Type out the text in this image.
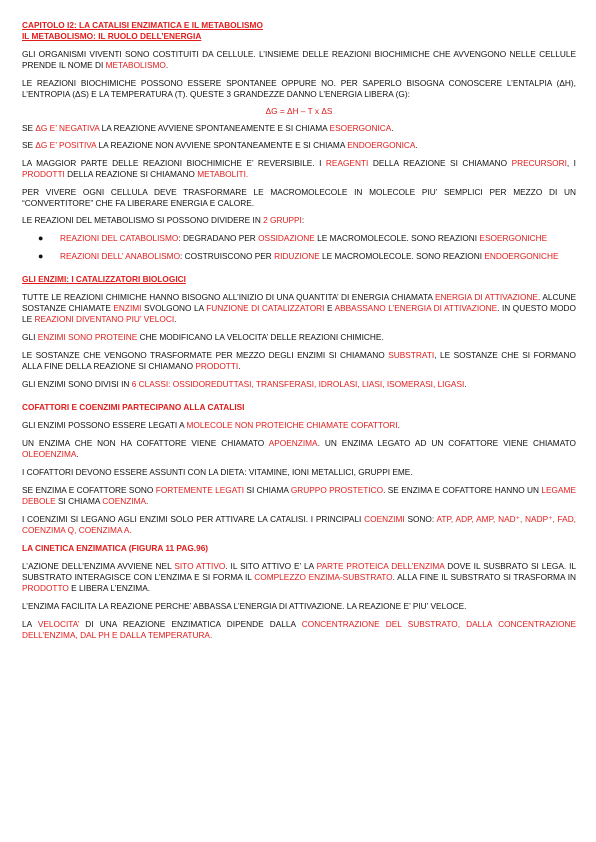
CAPITOLO I2: LA CATALISI ENZIMATICA E IL METABOLISMO

IL METABOLISMO: IL RUOLO DELL’ENERGIA

GLI ORGANISMI VIVENTI SONO COSTITUITI DA CELLULE. L’INSIEME DELLE REAZIONI BIOCHIMICHE CHE AVVENGONO NELLE CELLULE PRENDE IL NOME DI METABOLISMO.

LE REAZIONI BIOCHIMICHE POSSONO ESSERE SPONTANEE OPPURE NO. PER SAPERLO BISOGNA CONOSCERE L’ENTALPIA (ΔH), L’ENTROPIA (ΔS) E LA TEMPERATURA (T). QUESTE 3 GRANDEZZE DANNO L’ENERGIA LIBERA (G):

ΔG = ΔH – T x ΔS

SE ΔG E’ NEGATIVA LA REAZIONE AVVIENE SPONTANEAMENTE E SI CHIAMA ESOERGONICA.

SE ΔG E’ POSITIVA LA REAZIONE NON AVVIENE SPONTANEAMENTE E SI CHIAMA ENDOERGONICA.

LA MAGGIOR PARTE DELLE REAZIONI BIOCHIMICHE E’ REVERSIBILE. I REAGENTI DELLA REAZIONE SI CHIAMANO PRECURSORI, I PRODOTTI DELLA REAZIONE SI CHIAMANO METABOLITI.

PER VIVERE OGNI CELLULA DEVE TRASFORMARE LE MACROMOLECOLE IN MOLECOLE PIU’ SEMPLICI PER MEZZO DI UN “CONVERTITORE” CHE FA LIBERARE ENERGIA E CALORE.

LE REAZIONI DEL METABOLISMO SI POSSONO DIVIDERE IN 2 GRUPPI:

● REAZIONI DEL CATABOLISMO: DEGRADANO PER OSSIDAZIONE LE MACROMOLECOLE. SONO REAZIONI ESOERGONICHE

● REAZIONI DELL’ ANABOLISMO: COSTRUISCONO PER RIDUZIONE LE MACROMOLECOLE. SONO REAZIONI ENDOERGONICHE

GLI ENZIMI: I CATALIZZATORI BIOLOGICI

TUTTE LE REAZIONI CHIMICHE HANNO BISOGNO ALL’INIZIO DI UNA QUANTITA’ DI ENERGIA CHIAMATA ENERGIA DI ATTIVAZIONE. ALCUNE SOSTANZE CHIAMATE ENZIMI SVOLGONO LA FUNZIONE DI CATALIZZATORI E ABBASSANO L’ENERGIA DI ATTIVAZIONE. IN QUESTO MODO LE REAZIONI DIVENTANO PIU’ VELOCI.

GLI ENZIMI SONO PROTEINE CHE MODIFICANO LA VELOCITA’ DELLE REAZIONI CHIMICHE.

LE SOSTANZE CHE VENGONO TRASFORMATE PER MEZZO DEGLI ENZIMI SI CHIAMANO SUBSTRATI, LE SOSTANZE CHE SI FORMANO ALLA FINE DELLA REAZIONE SI CHIAMANO PRODOTTI.

GLI ENZIMI SONO DIVISI IN 6 CLASSI: OSSIDOREDUTTASI, TRANSFERASI, IDROLASI, LIASI, ISOMERASI, LIGASI.

COFATTORI E COENZIMI PARTECIPANO ALLA CATALISI

GLI ENZIMI POSSONO ESSERE LEGATI A MOLECOLE NON PROTEICHE CHIAMATE COFATTORI.

UN ENZIMA CHE NON HA COFATTORE VIENE CHIAMATO APOENZIMA. UN ENZIMA LEGATO AD UN COFATTORE VIENE CHIAMATO OLEOENZIMA.

I COFATTORI DEVONO ESSERE ASSUNTI CON LA DIETA: VITAMINE, IONI METALLICI, GRUPPI EME.

SE ENZIMA E COFATTORE SONO FORTEMENTE LEGATI SI CHIAMA GRUPPO PROSTETICO. SE ENZIMA E COFATTORE HANNO UN LEGAME DEBOLE SI CHIAMA COENZIMA.

I COENZIMI SI LEGANO AGLI ENZIMI SOLO PER ATTIVARE LA CATALISI. I PRINCIPALI COENZIMI SONO: ATP, ADP, AMP, NAD⁺, NADP⁺, FAD, COENZIMA Q, COENZIMA A.

LA CINETICA ENZIMATICA (FIGURA 11 PAG.96)

L’AZIONE DELL’ENZIMA AVVIENE NEL SITO ATTIVO. IL SITO ATTIVO E’ LA PARTE PROTEICA DELL’ENZIMA DOVE IL SUSBRATO SI LEGA. IL SUBSTRATO INTERAGISCE CON L’ENZIMA E SI FORMA IL COMPLEZZO ENZIMA-SUBSTRATO. ALLA FINE IL SUBSTRATO SI TRASFORMA IN PRODOTTO E LIBERA L’ENZIMA.

L’ENZIMA FACILITA LA REAZIONE PERCHE’ ABBASSA L’ENERGIA DI ATTIVAZIONE. LA REAZIONE E’ PIU’ VELOCE.

LA VELOCITA’ DI UNA REAZIONE ENZIMATICA DIPENDE DALLA CONCENTRAZIONE DEL SUBSTRATO, DALLA CONCENTRAZIONE DELL’ENZIMA, DAL PH E DALLA TEMPERATURA.
